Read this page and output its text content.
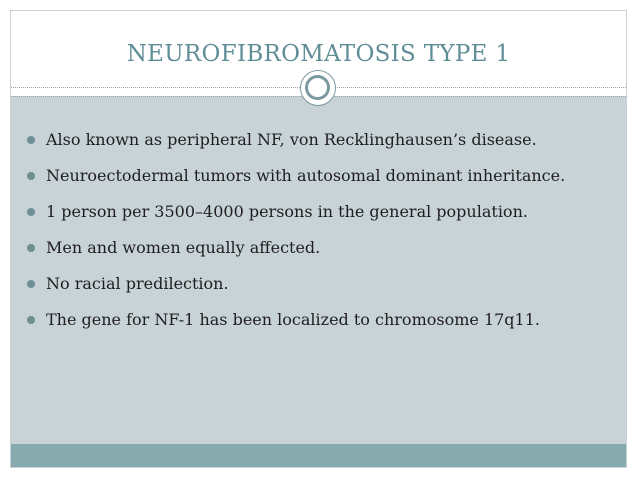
NEUROFIBROMATOSIS TYPE 1
Also known as peripheral NF, von Recklinghausen’s disease.
Neuroectodermal tumors with autosomal dominant inheritance.
1 person per 3500–4000 persons in the general population.
Men and women equally affected.
No racial predilection.
The gene for NF-1 has been localized to chromosome 17q11.
